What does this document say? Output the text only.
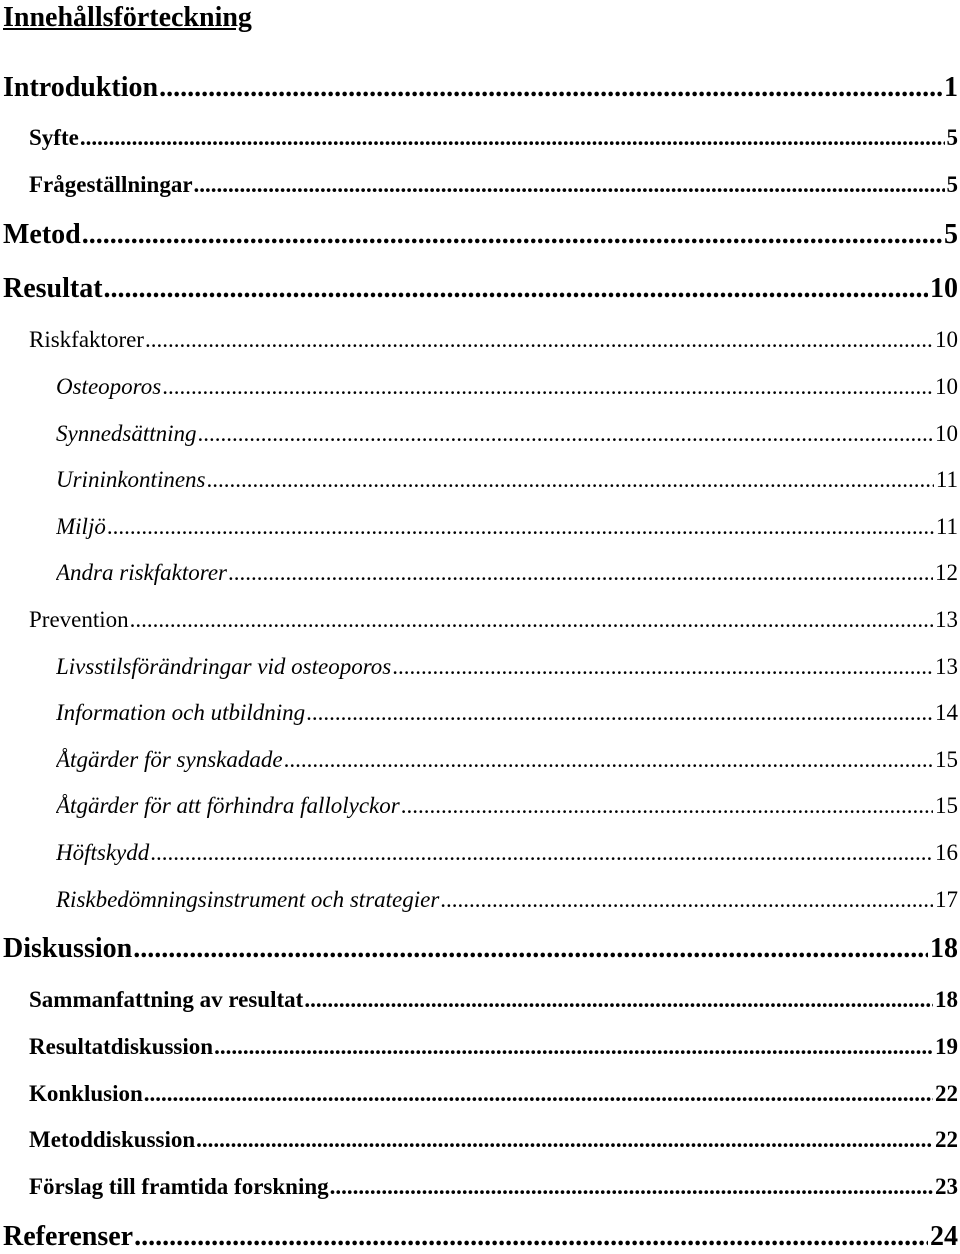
Innehållsförteckning
Introduktion .....	1
Syfte .....	5
Frågeställningar .....	5
Metod .....	5
Resultat .....	10
Riskfaktorer .....	10
Osteoporos .....	10
Synnedsättning .....	10
Urininkontinens .....	11
Miljö .....	11
Andra riskfaktorer .....	12
Prevention .....	13
Livsstilsförändringar vid osteoporos .....	13
Information och utbildning .....	14
Åtgärder för synskadade .....	15
Åtgärder för att förhindra fallolyckor .....	15
Höftskydd .....	16
Riskbedömningsinstrument och strategier .....	17
Diskussion .....	18
Sammanfattning av resultat .....	18
Resultatdiskussion .....	19
Konklusion .....	22
Metoddiskussion .....	22
Förslag till framtida forskning .....	23
Referenser .....	24
